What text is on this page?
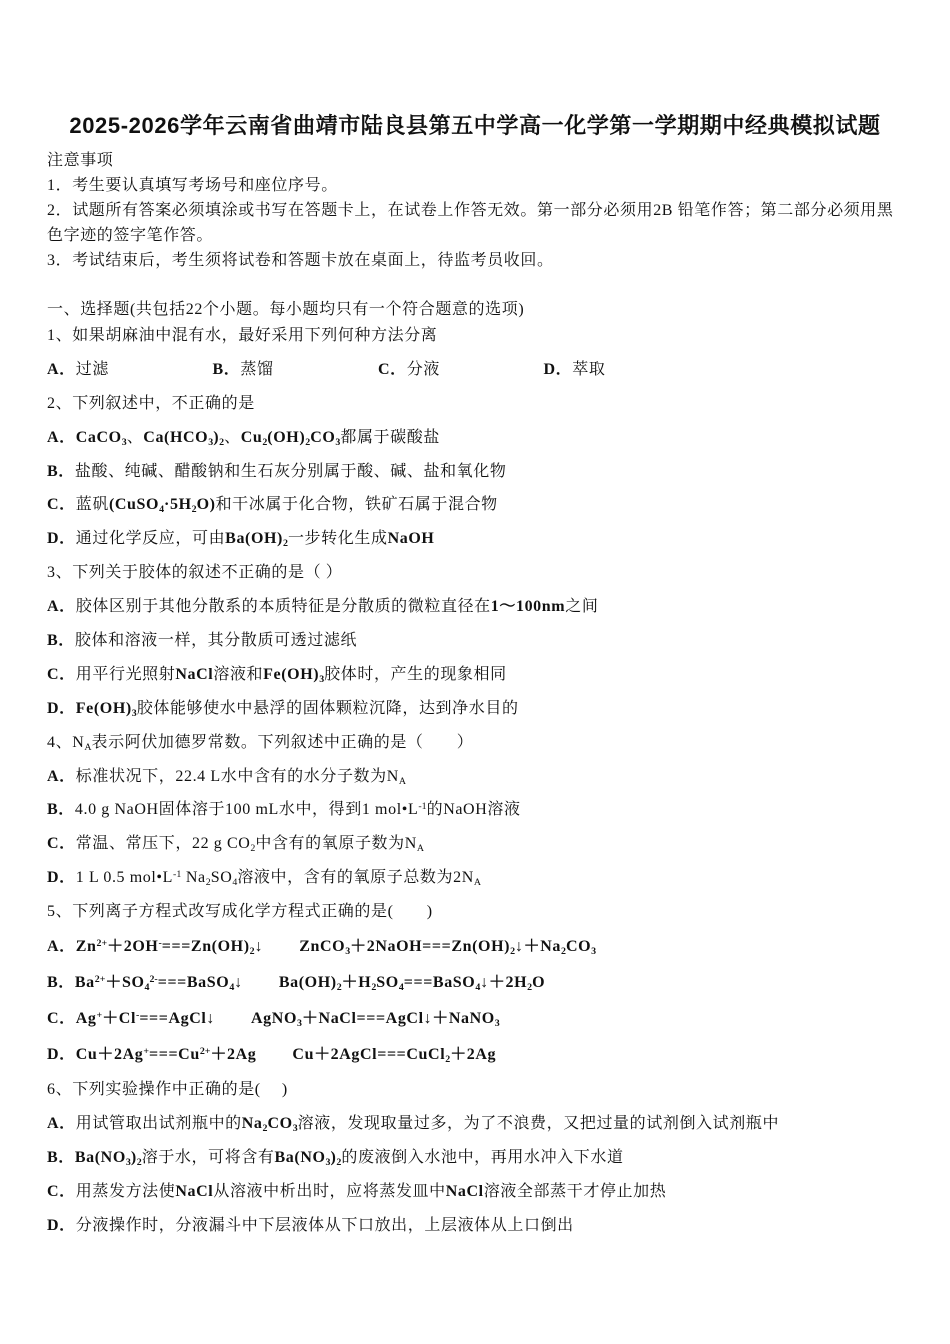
2025-2026学年云南省曲靖市陆良县第五中学高一化学第一学期期中经典模拟试题
注意事项
1．考生要认真填写考场号和座位序号。
2．试题所有答案必须填涂或书写在答题卡上，在试卷上作答无效。第一部分必须用2B 铅笔作答；第二部分必须用黑
色字迹的签字笔作答。
3．考试结束后，考生须将试卷和答题卡放在桌面上，待监考员收回。
一、选择题(共包括22个小题。每小题均只有一个符合题意的选项)
1、如果胡麻油中混有水，最好采用下列何种方法分离
A．过滤	B．蒸馏	C．分液	D．萃取
2、下列叙述中，不正确的是
A．CaCO$_3$、$Ca(HCO_3)_2$、$Cu_2(OH)_2CO_3$都属于碳酸盐
B．盐酸、纯碱、醋酸钠和生石灰分别属于酸、碱、盐和氧化物
C．蓝矾$(CuSO_4\cdot 5H_2O)$和干冰属于化合物，铁矿石属于混合物
D．通过化学反应，可由$Ba(OH)_2$一步转化生成NaOH
3、下列关于胶体的叙述不正确的是（ ）
A．胶体区别于其他分散系的本质特征是分散质的微粒直径在1～100nm之间
B．胶体和溶液一样，其分散质可透过滤纸
C．用平行光照射NaCl溶液和$Fe(OH)_3$胶体时，产生的现象相同
D．$Fe(OH)_3$胶体能够使水中悬浮的固体颗粒沉降，达到净水目的
4、$N_A$表示阿伏加德罗常数。下列叙述中正确的是（　　）
A．标准状况下，22.4 L水中含有的水分子数为$N_A$
B．4.0 g NaOH固体溶于100 mL水中，得到1 $mol•L^{-1}$的NaOH溶液
C．常温、常压下，22 g $CO_2$中含有的氧原子数为$N_A$
D．1 L 0.5 $mol•L^{-1}$ $Na_2SO_4$溶液中，含有的氧原子总数为$2N_A$
5、下列离子方程式改写成化学方程式正确的是(　　)
A．$Zn^{2+}+2OH^-===Zn(OH)_2↓$ $ZnCO_3+2NaOH===Zn(OH)_2↓+Na_2CO_3$
B．$Ba^{2+}+SO_4^{2-}===BaSO_4↓$ $Ba(OH)_2+H_2SO_4===BaSO_4↓+2H_2O$
C．Ag+＋Cl-===AgCl↓ AgNO$_3$＋NaCl===AgCl↓＋NaNO$_3$
D．$Cu+2Ag^+===Cu^{2+}+2Ag$ Cu＋2AgCl===CuCl$_2$＋2Ag
6、下列实验操作中正确的是(　 )
A．用试管取出试剂瓶中的$Na_2CO_3$溶液，发现取量过多，为了不浪费，又把过量的试剂倒入试剂瓶中
B．$Ba(NO_3)_2$溶于水，可将含有$Ba(NO_3)_2$的废液倒入水池中，再用水冲入下水道
C．用蒸发方法使NaCl从溶液中析出时，应将蒸发皿中NaCl溶液全部蒸干才停止加热
D．分液操作时，分液漏斗中下层液体从下口放出，上层液体从上口倒出
